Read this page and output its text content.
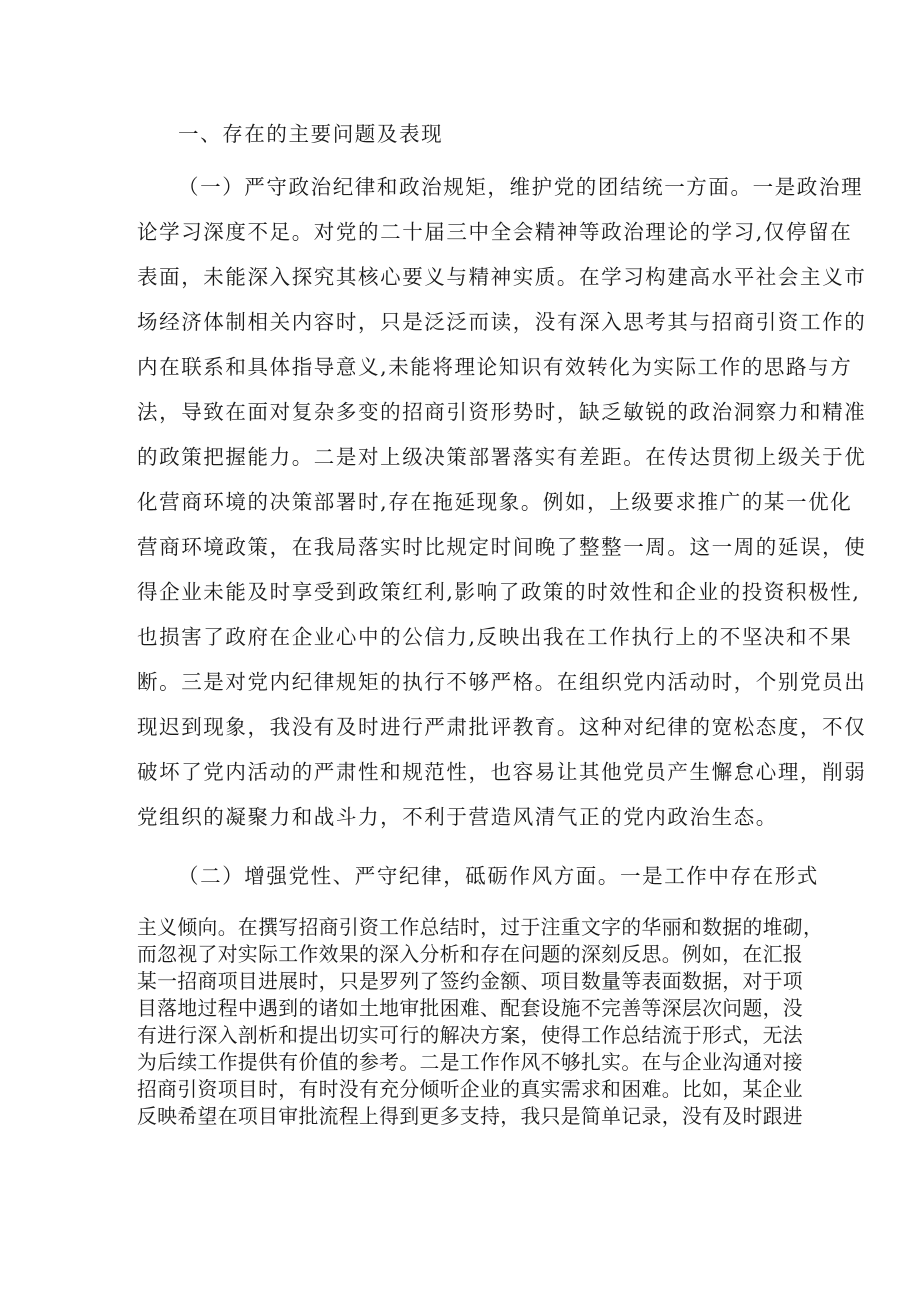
一、存在的主要问题及表现
（一）严守政治纪律和政治规矩，维护党的团结统一方面。一是政治理
论学习深度不足。对党的二十届三中全会精神等政治理论的学习,仅停留在
表面，未能深入探究其核心要义与精神实质。在学习构建高水平社会主义市
场经济体制相关内容时，只是泛泛而读，没有深入思考其与招商引资工作的
内在联系和具体指导意义,未能将理论知识有效转化为实际工作的思路与方
法，导致在面对复杂多变的招商引资形势时，缺乏敏锐的政治洞察力和精准
的政策把握能力。二是对上级决策部署落实有差距。在传达贯彻上级关于优
化营商环境的决策部署时,存在拖延现象。例如，上级要求推广的某一优化
营商环境政策，在我局落实时比规定时间晚了整整一周。这一周的延误，使
得企业未能及时享受到政策红利,影响了政策的时效性和企业的投资积极性,
也损害了政府在企业心中的公信力,反映出我在工作执行上的不坚决和不果
断。三是对党内纪律规矩的执行不够严格。在组织党内活动时，个别党员出
现迟到现象，我没有及时进行严肃批评教育。这种对纪律的宽松态度，不仅
破坏了党内活动的严肃性和规范性，也容易让其他党员产生懈怠心理，削弱
党组织的凝聚力和战斗力，不利于营造风清气正的党内政治生态。
（二）增强党性、严守纪律，砥砺作风方面。一是工作中存在形式
主义倾向。在撰写招商引资工作总结时，过于注重文字的华丽和数据的堆砌，
而忽视了对实际工作效果的深入分析和存在问题的深刻反思。例如，在汇报
某一招商项目进展时，只是罗列了签约金额、项目数量等表面数据，对于项
目落地过程中遇到的诸如土地审批困难、配套设施不完善等深层次问题，没
有进行深入剖析和提出切实可行的解决方案，使得工作总结流于形式，无法
为后续工作提供有价值的参考。二是工作作风不够扎实。在与企业沟通对接
招商引资项目时，有时没有充分倾听企业的真实需求和困难。比如，某企业
反映希望在项目审批流程上得到更多支持，我只是简单记录，没有及时跟进
